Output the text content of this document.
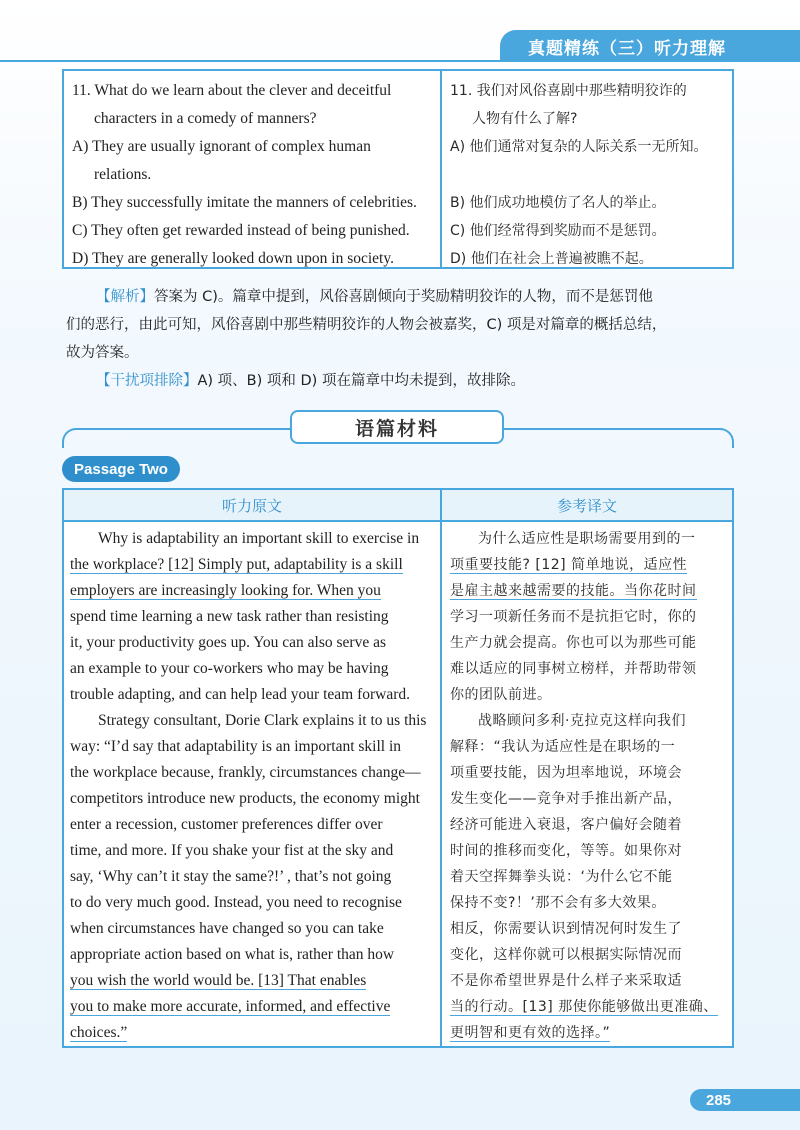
真题精练（三）听力理解
11. What do we learn about the clever and deceitful
characters in a comedy of manners?
A) They are usually ignorant of complex human
relations.
B) They successfully imitate the manners of celebrities.
C) They often get rewarded instead of being punished.
D) They are generally looked down upon in society.
11. 我们对风俗喜剧中那些精明狡诈的
人物有什么了解?
A) 他们通常对复杂的人际关系一无所知。
B) 他们成功地模仿了名人的举止。
C) 他们经常得到奖励而不是惩罚。
D) 他们在社会上普遍被瞧不起。
【解析】答案为 C)。篇章中提到，风俗喜剧倾向于奖励精明狡诈的人物，而不是惩罚他
们的恶行，由此可知，风俗喜剧中那些精明狡诈的人物会被嘉奖，C) 项是对篇章的概括总结，
故为答案。
【干扰项排除】A) 项、B) 项和 D) 项在篇章中均未提到，故排除。
语篇材料
Passage Two
听力原文	参考译文
Why is adaptability an important skill to exercise in
the workplace? [12] Simply put, adaptability is a skill
employers are increasingly looking for. When you
spend time learning a new task rather than resisting
it, your productivity goes up. You can also serve as
an example to your co-workers who may be having
trouble adapting, and can help lead your team forward.
Strategy consultant, Dorie Clark explains it to us this
way: “I’d say that adaptability is an important skill in
the workplace because, frankly, circumstances change—
competitors introduce new products, the economy might
enter a recession, customer preferences differ over
time, and more. If you shake your fist at the sky and
say, ‘Why can’t it stay the same?!’ , that’s not going
to do very much good. Instead, you need to recognise
when circumstances have changed so you can take
appropriate action based on what is, rather than how
you wish the world would be. [13] That enables
you to make more accurate, informed, and effective
choices.”
为什么适应性是职场需要用到的一
项重要技能? [12] 简单地说，适应性
是雇主越来越需要的技能。当你花时间
学习一项新任务而不是抗拒它时，你的
生产力就会提高。你也可以为那些可能
难以适应的同事树立榜样，并帮助带领
你的团队前进。
战略顾问多利·克拉克这样向我们
解释：“我认为适应性是在职场的一
项重要技能，因为坦率地说，环境会
发生变化——竞争对手推出新产品，
经济可能进入衰退，客户偏好会随着
时间的推移而变化，等等。如果你对
着天空挥舞拳头说：‘为什么它不能
保持不变?！’那不会有多大效果。
相反，你需要认识到情况何时发生了
变化，这样你就可以根据实际情况而
不是你希望世界是什么样子来采取适
当的行动。[13] 那使你能够做出更准确、
更明智和更有效的选择。”
285
